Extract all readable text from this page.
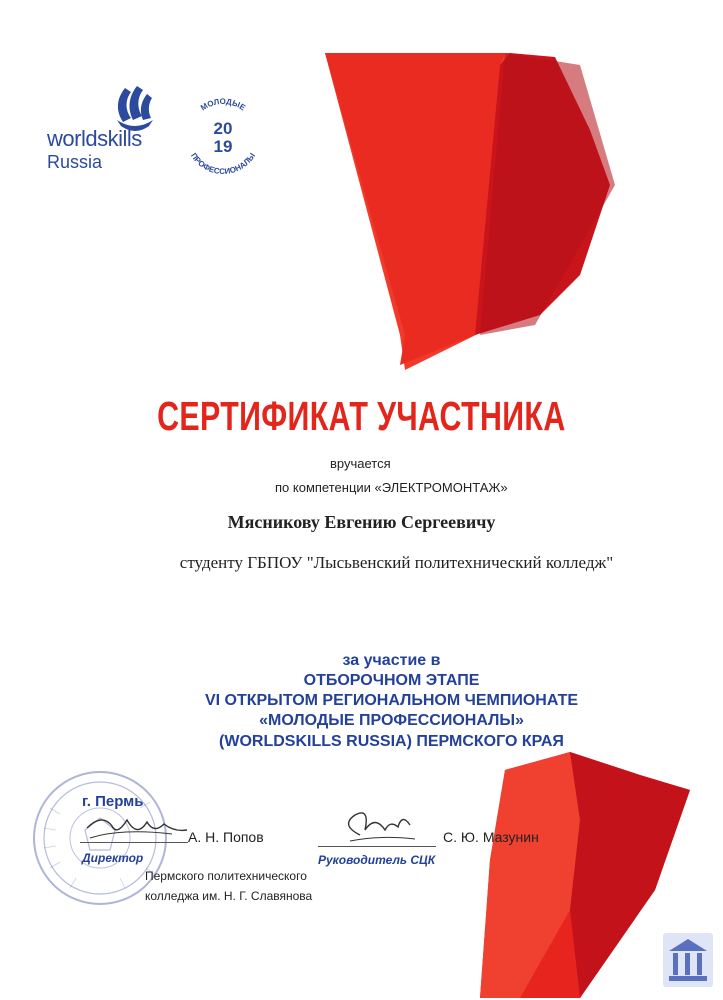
worldskills
Russia
МОЛОДЫЕ
ПРОФЕССИОНАЛЫ
20
19
СЕРТИФИКАТ УЧАСТНИКА
вручается
по компетенции «ЭЛЕКТРОМОНТАЖ»
Мясникову Евгению Сергеевичу
студенту ГБПОУ "Лысьвенский политехнический колледж"
за участие в
ОТБОРОЧНОМ ЭТАПЕ
VI ОТКРЫТОМ РЕГИОНАЛЬНОМ ЧЕМПИОНАТЕ
«МОЛОДЫЕ ПРОФЕССИОНАЛЫ»
(WORLDSKILLS RUSSIA) ПЕРМСКОГО КРАЯ
г. Пермь
А. Н. Попов
Директор
Пермского политехнического
колледжа им. Н. Г. Славянова
С. Ю. Мазунин
Руководитель СЦК
